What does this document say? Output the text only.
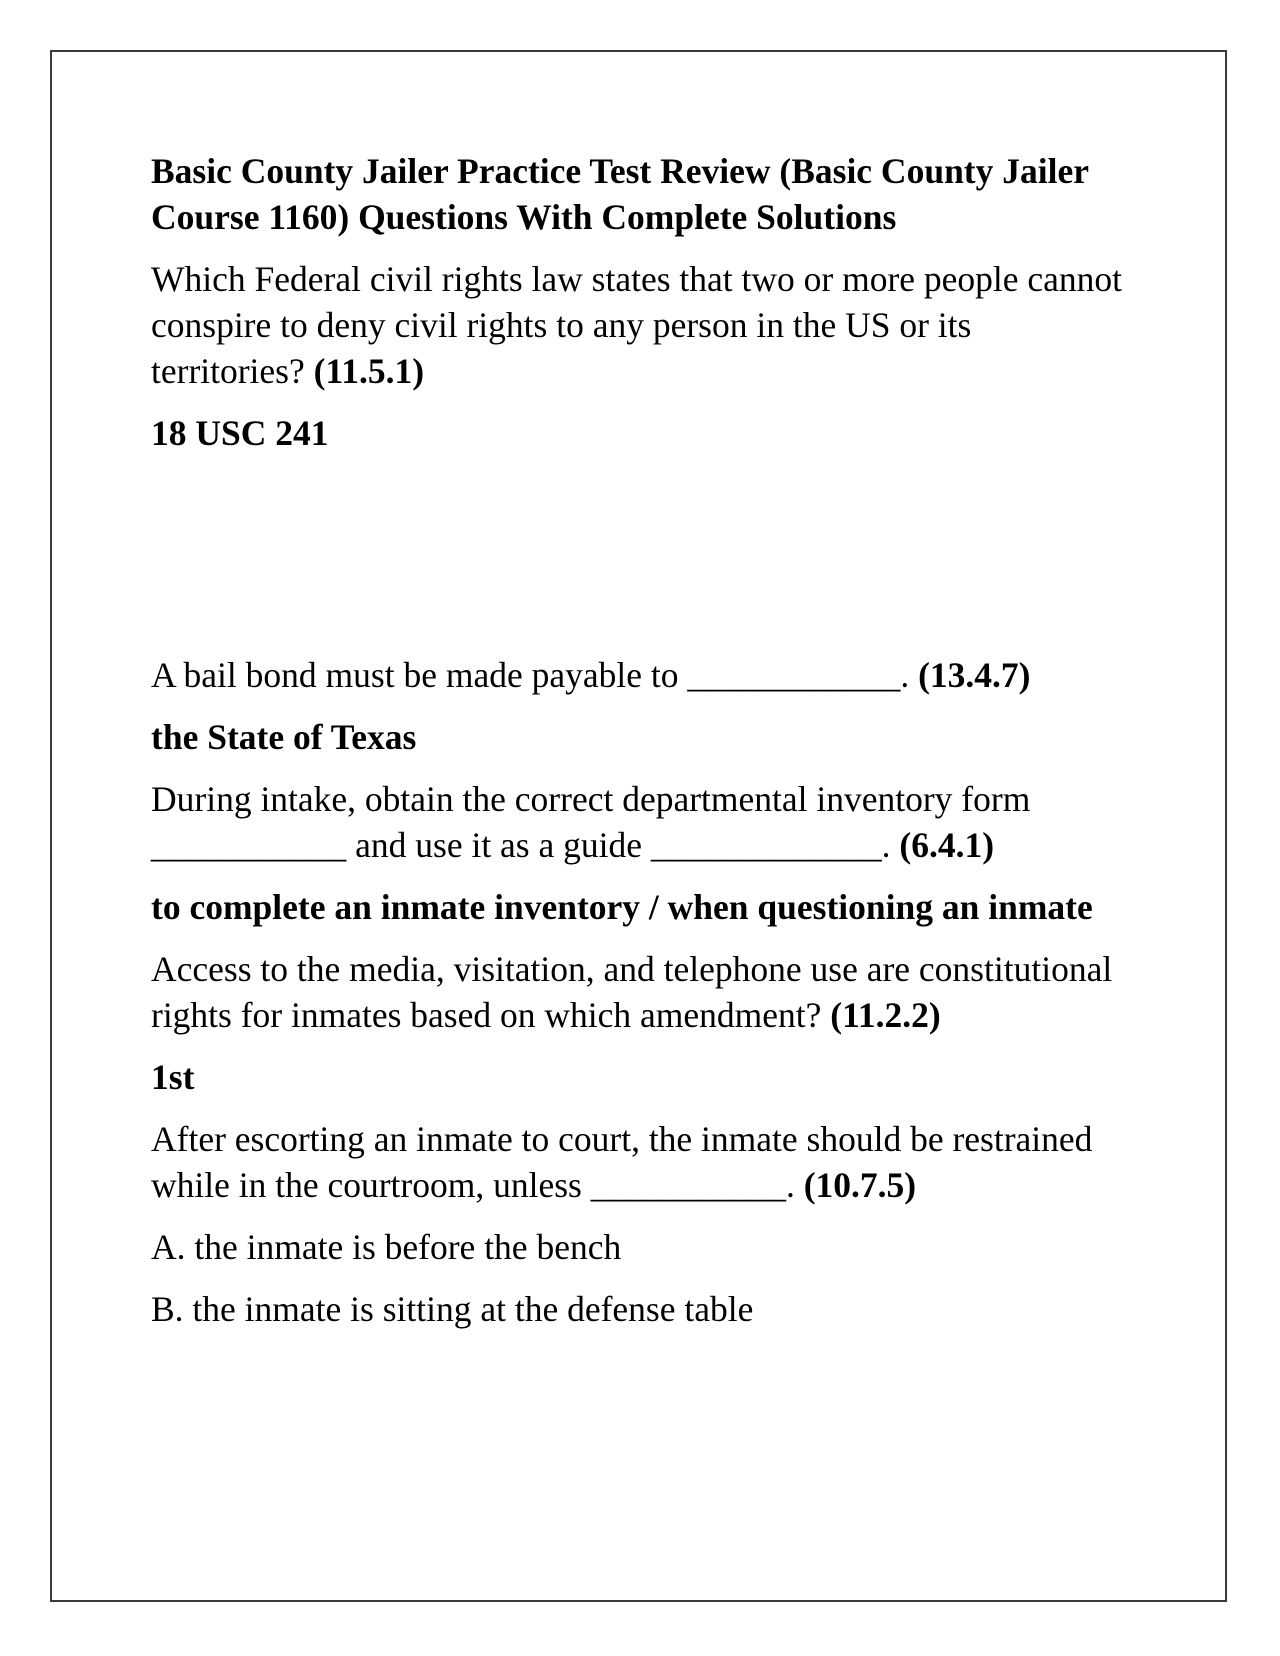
Basic County Jailer Practice Test Review (Basic County Jailer Course 1160) Questions With Complete Solutions

Which Federal civil rights law states that two or more people cannot conspire to deny civil rights to any person in the US or its territories? (11.5.1)

18 USC 241

A bail bond must be made payable to ____________. (13.4.7)

the State of Texas

During intake, obtain the correct departmental inventory form ___________ and use it as a guide _____________. (6.4.1)

to complete an inmate inventory / when questioning an inmate

Access to the media, visitation, and telephone use are constitutional rights for inmates based on which amendment? (11.2.2)

1st

After escorting an inmate to court, the inmate should be restrained while in the courtroom, unless ___________. (10.7.5)

A. the inmate is before the bench

B. the inmate is sitting at the defense table
